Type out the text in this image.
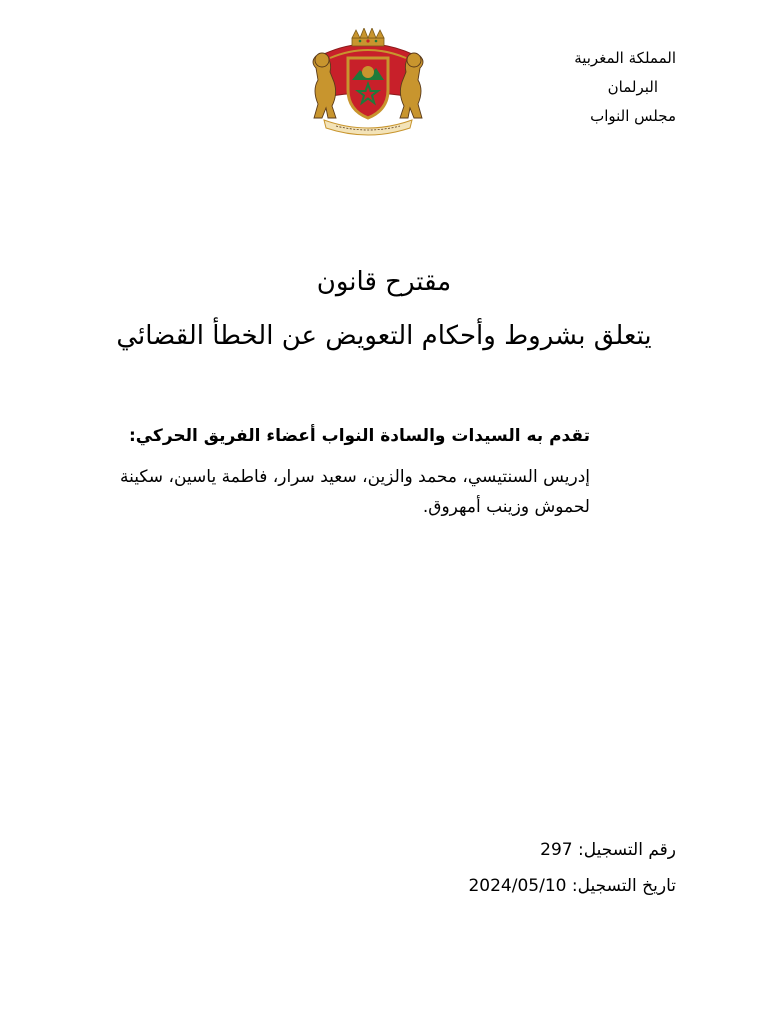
المملكة المغربية
البرلمان
مجلس النواب
مقترح قانون
يتعلق بشروط وأحكام التعويض عن الخطأ القضائي
تقدم به السيدات والسادة النواب أعضاء الفريق الحركي:
إدريس السنتيسي، محمد والزين، سعيد سرار، فاطمة ياسين، سكينة لحموش وزينب أمهروق.
رقم التسجيل: 297
تاريخ التسجيل: 2024/05/10
